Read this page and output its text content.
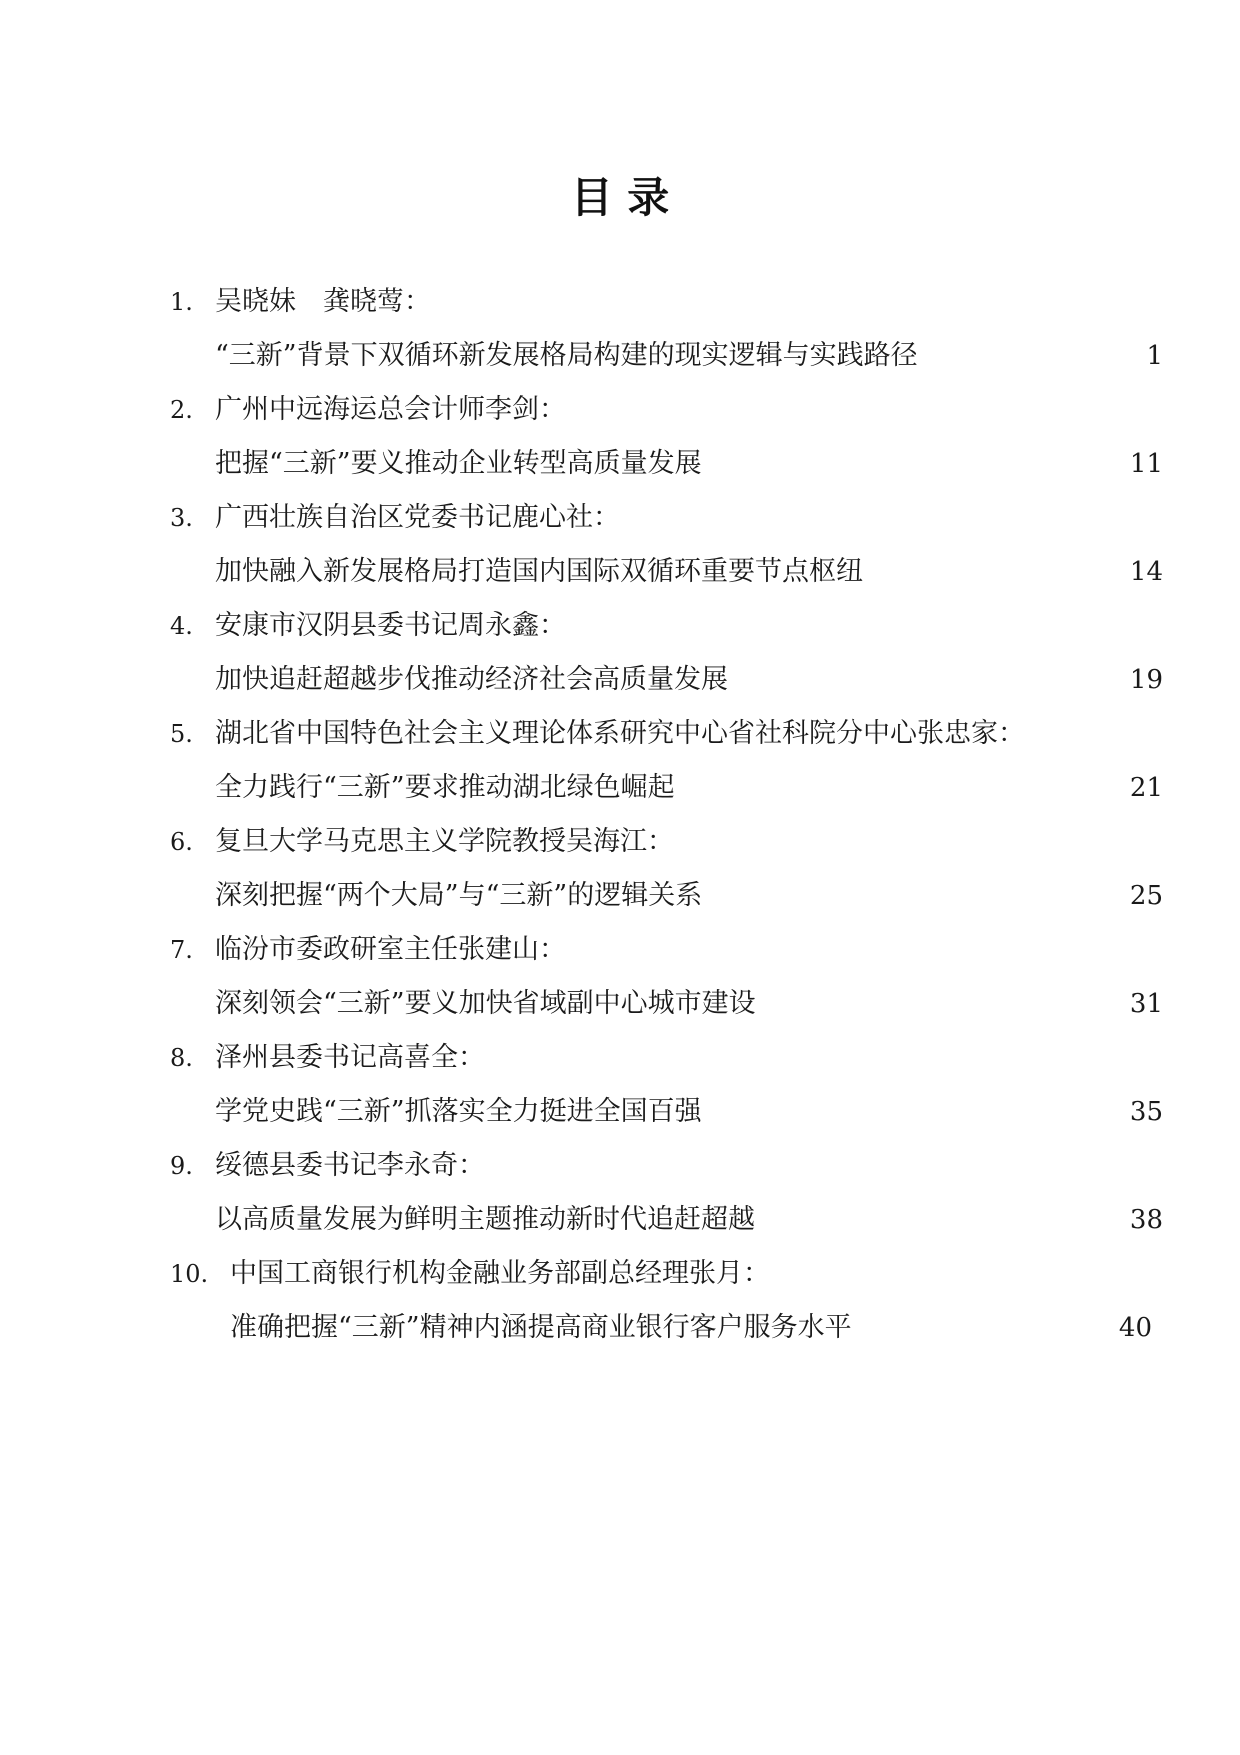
目 录
1. 吴晓妹　龚晓莺：
“三新”背景下双循环新发展格局构建的现实逻辑与实践路径	1
2. 广州中远海运总会计师李剑：
把握“三新”要义推动企业转型高质量发展	11
3. 广西壮族自治区党委书记鹿心社：
加快融入新发展格局打造国内国际双循环重要节点枢纽	14
4. 安康市汉阴县委书记周永鑫：
加快追赶超越步伐推动经济社会高质量发展	19
5. 湖北省中国特色社会主义理论体系研究中心省社科院分中心张忠家：
全力践行“三新”要求推动湖北绿色崛起	21
6. 复旦大学马克思主义学院教授吴海江：
深刻把握“两个大局”与“三新”的逻辑关系	25
7. 临汾市委政研室主任张建山：
深刻领会“三新”要义加快省域副中心城市建设	31
8. 泽州县委书记高喜全：
学党史践“三新”抓落实全力挺进全国百强	35
9. 绥德县委书记李永奇：
以高质量发展为鲜明主题推动新时代追赶超越	38
10. 中国工商银行机构金融业务部副总经理张月：
准确把握“三新”精神内涵提高商业银行客户服务水平	40
